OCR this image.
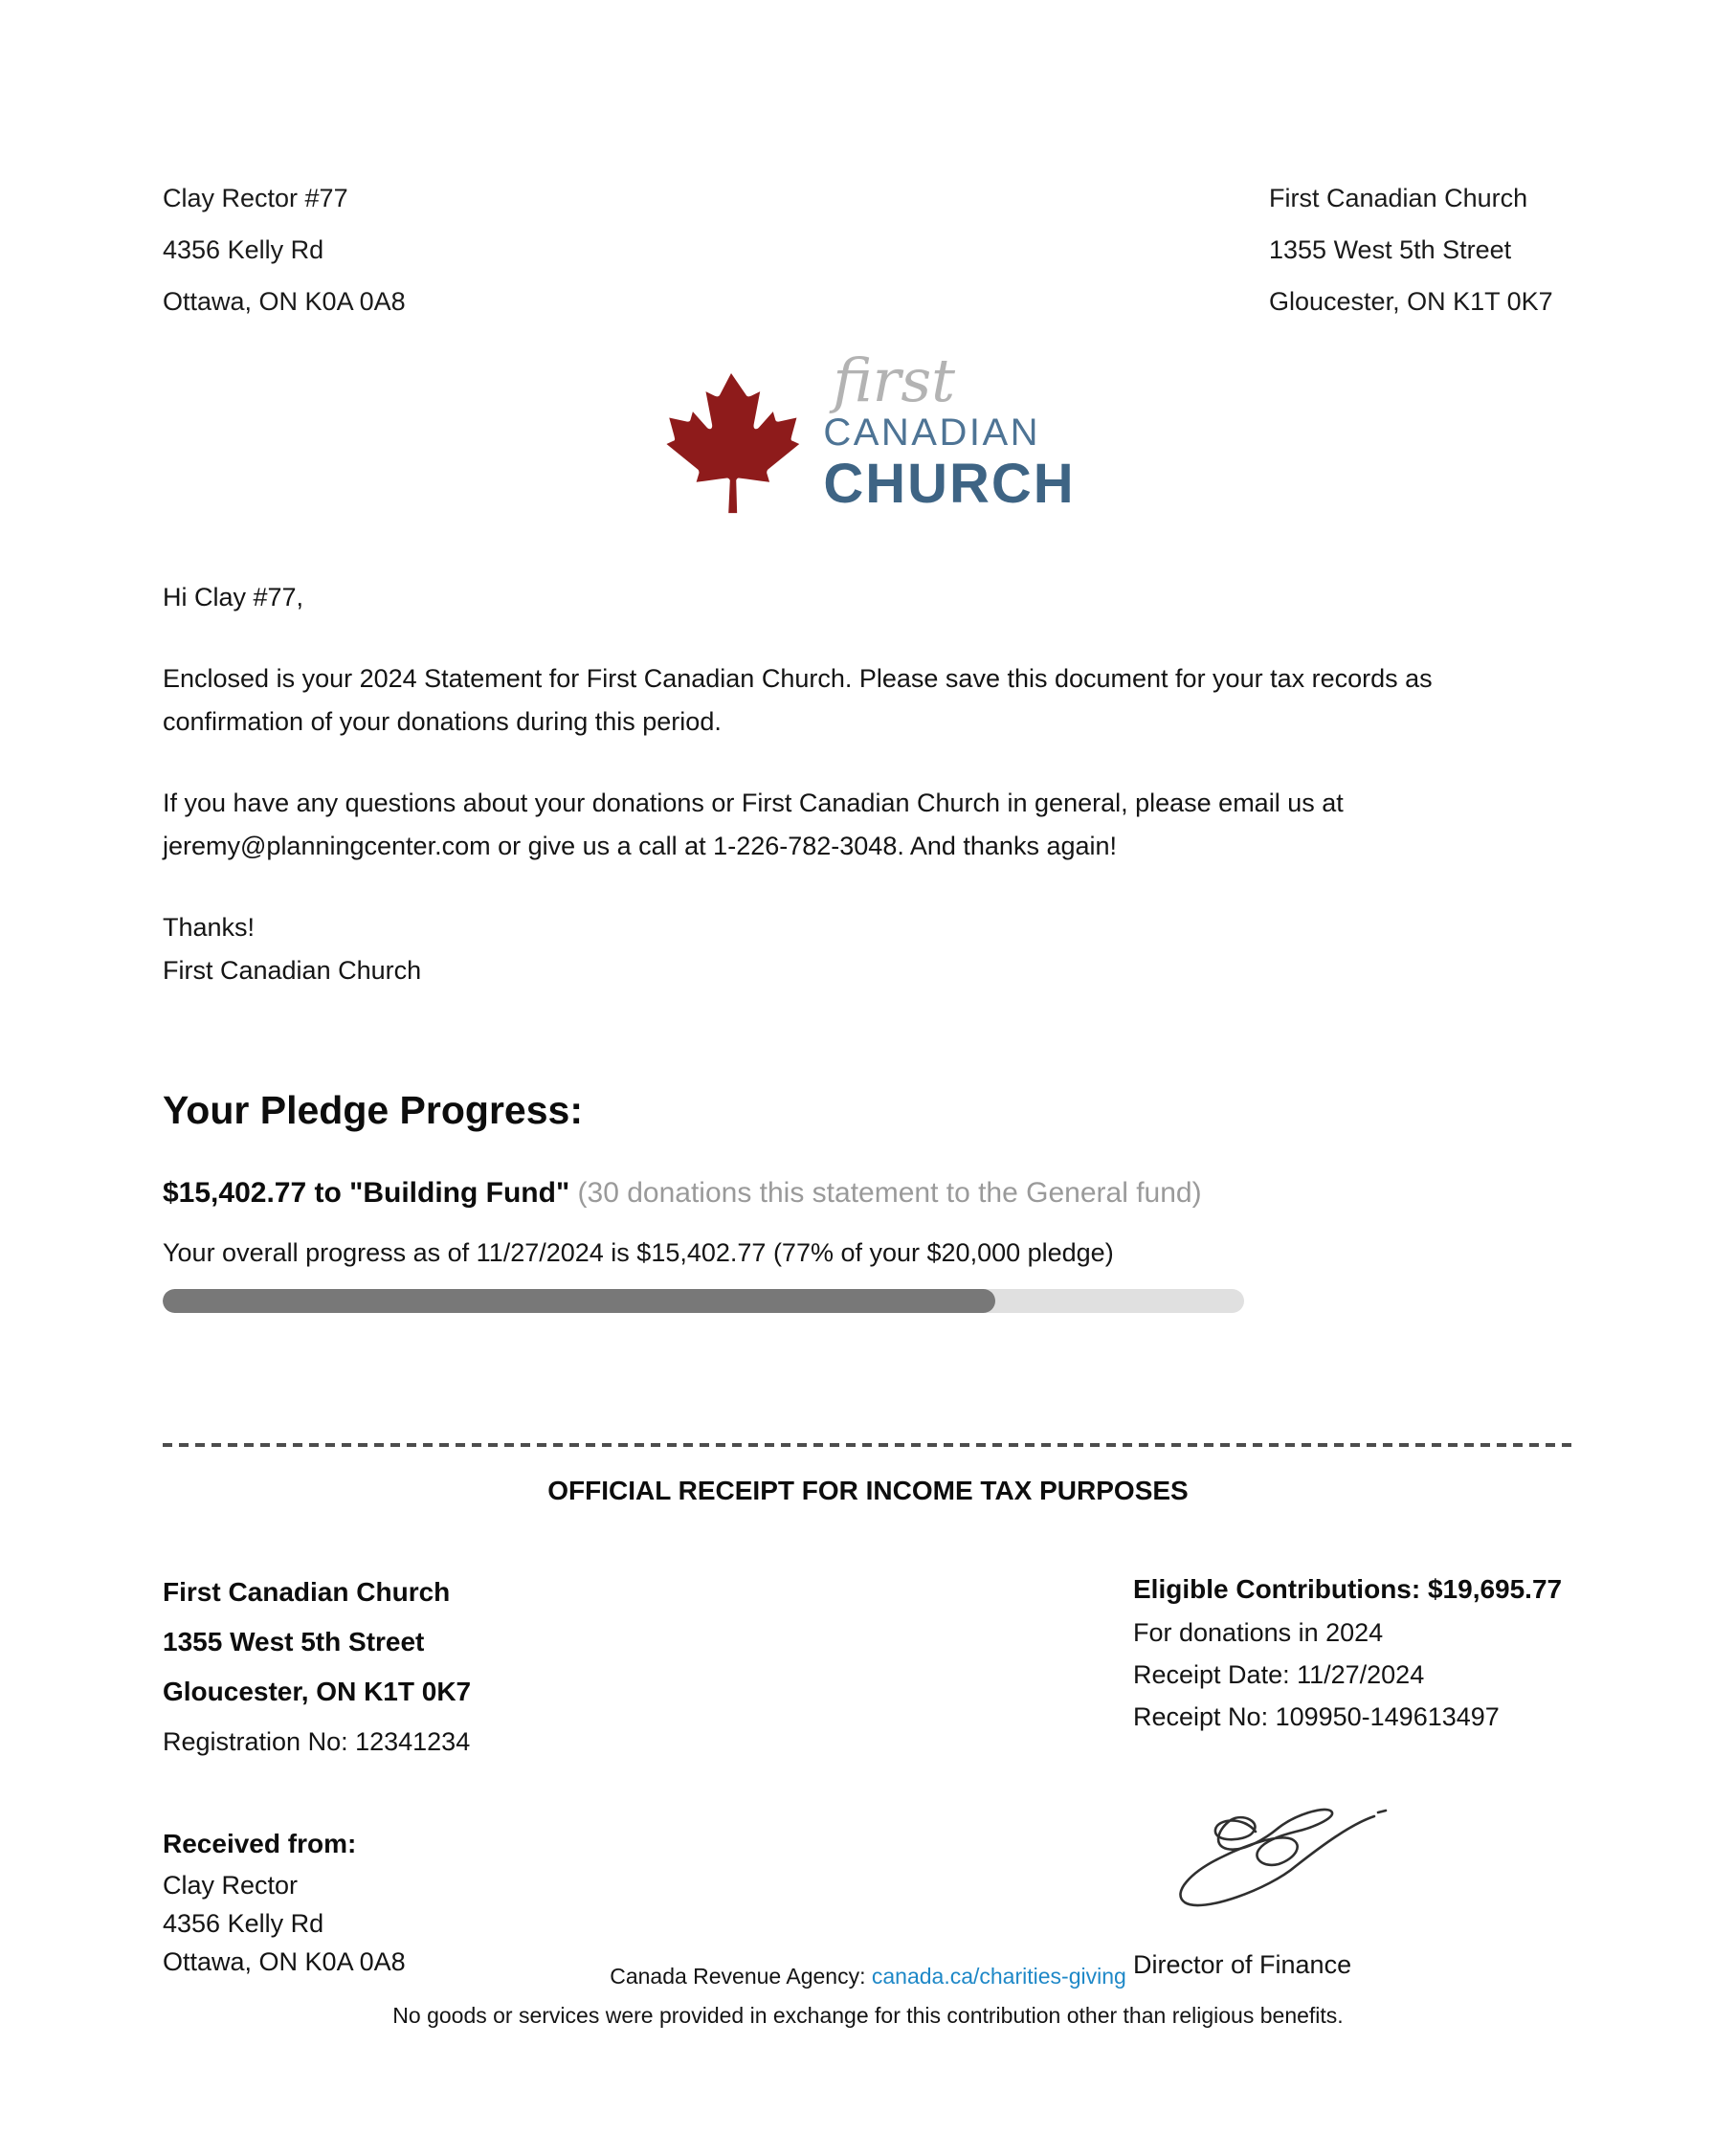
Clay Rector #77
4356 Kelly Rd
Ottawa, ON K0A 0A8
First Canadian Church
1355 West 5th Street
Gloucester, ON K1T 0K7
first
CANADIAN
CHURCH
Hi Clay #77,
Enclosed is your 2024 Statement for First Canadian Church. Please save this document for your tax records as
confirmation of your donations during this period.
If you have any questions about your donations or First Canadian Church in general, please email us at
jeremy@planningcenter.com or give us a call at 1-226-782-3048. And thanks again!
Thanks!
First Canadian Church
Your Pledge Progress:
$15,402.77 to "Building Fund" (30 donations this statement to the General fund)
Your overall progress as of 11/27/2024 is $15,402.77 (77% of your $20,000 pledge)
OFFICIAL RECEIPT FOR INCOME TAX PURPOSES
First Canadian Church
1355 West 5th Street
Gloucester, ON K1T 0K7
Registration No: 12341234
Received from:
Clay Rector
4356 Kelly Rd
Ottawa, ON K0A 0A8
Eligible Contributions: $19,695.77
For donations in 2024
Receipt Date: 11/27/2024
Receipt No: 109950-149613497
Director of Finance
Canada Revenue Agency: canada.ca/charities-giving
No goods or services were provided in exchange for this contribution other than religious benefits.
